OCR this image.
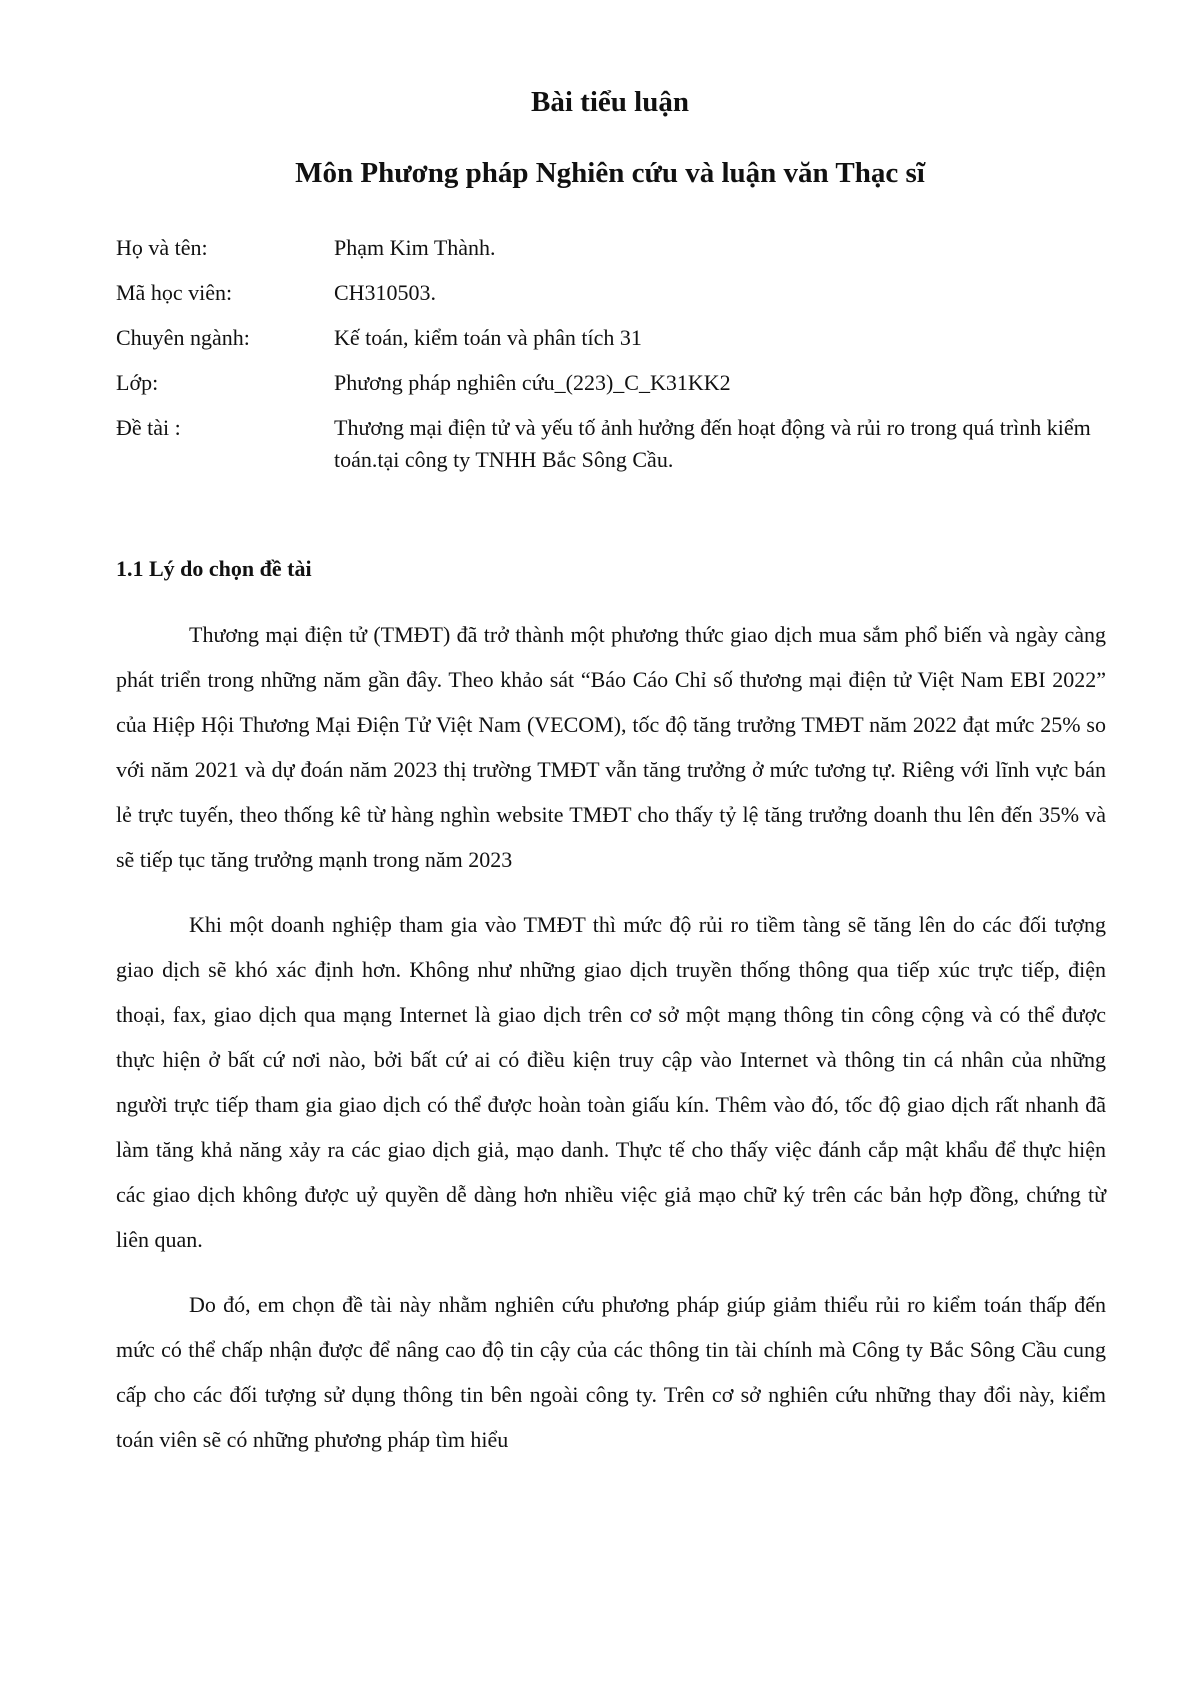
Bài tiểu luận
Môn Phương pháp Nghiên cứu và luận văn Thạc sĩ
Họ và tên:	Phạm Kim Thành.
Mã học viên:	CH310503.
Chuyên ngành:	Kế toán, kiểm toán và phân tích 31
Lớp:	Phương pháp nghiên cứu_(223)_C_K31KK2
Đề tài :	Thương mại điện tử và yếu tố ảnh hưởng đến hoạt động và rủi ro trong quá trình kiểm toán.tại công ty TNHH Bắc Sông Cầu.
1.1 Lý do chọn đề tài

Thương mại điện tử (TMĐT) đã trở thành một phương thức giao dịch mua sắm phổ biến và ngày càng phát triển trong những năm gần đây. Theo khảo sát “Báo Cáo Chỉ số thương mại điện tử Việt Nam EBI 2022” của Hiệp Hội Thương Mại Điện Tử Việt Nam (VECOM), tốc độ tăng trưởng TMĐT năm 2022 đạt mức 25% so với năm 2021 và dự đoán năm 2023 thị trường TMĐT vẫn tăng trưởng ở mức tương tự. Riêng với lĩnh vực bán lẻ trực tuyến, theo thống kê từ hàng nghìn website TMĐT cho thấy tỷ lệ tăng trưởng doanh thu lên đến 35% và sẽ tiếp tục tăng trưởng mạnh trong năm 2023

Khi một doanh nghiệp tham gia vào TMĐT thì mức độ rủi ro tiềm tàng sẽ tăng lên do các đối tượng giao dịch sẽ khó xác định hơn. Không như những giao dịch truyền thống thông qua tiếp xúc trực tiếp, điện thoại, fax, giao dịch qua mạng Internet là giao dịch trên cơ sở một mạng thông tin công cộng và có thể được thực hiện ở bất cứ nơi nào, bởi bất cứ ai có điều kiện truy cập vào Internet và thông tin cá nhân của những người trực tiếp tham gia giao dịch có thể được hoàn toàn giấu kín. Thêm vào đó, tốc độ giao dịch rất nhanh đã làm tăng khả năng xảy ra các giao dịch giả, mạo danh. Thực tế cho thấy việc đánh cắp mật khẩu để thực hiện các giao dịch không được uỷ quyền dễ dàng hơn nhiều việc giả mạo chữ ký trên các bản hợp đồng, chứng từ liên quan.

Do đó, em chọn đề tài này nhằm nghiên cứu phương pháp giúp giảm thiểu rủi ro kiểm toán thấp đến mức có thể chấp nhận được để nâng cao độ tin cậy của các thông tin tài chính mà Công ty Bắc Sông Cầu cung cấp cho các đối tượng sử dụng thông tin bên ngoài công ty. Trên cơ sở nghiên cứu những thay đổi này, kiểm toán viên sẽ có những phương pháp tìm hiểu
